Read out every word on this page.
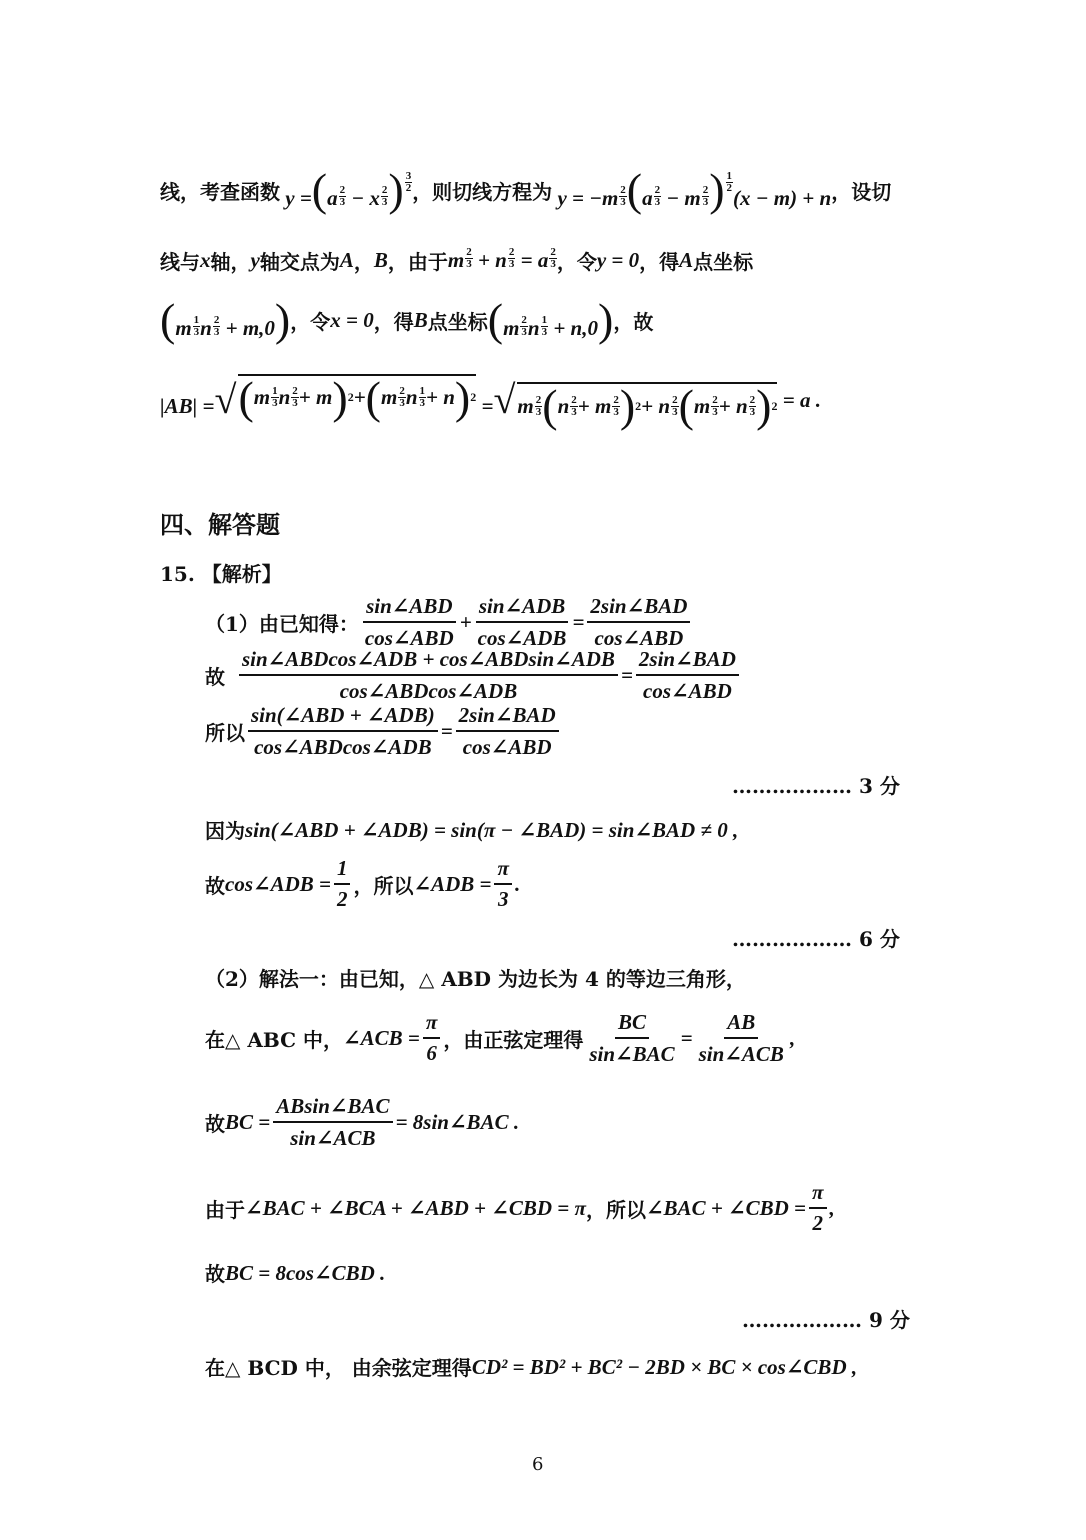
线，考查函数 $y =(a \frac{2}{3} - x \frac{2}{3}$ ) $\frac{3}{2}$ ，则切线方程为 $y = -m \frac{2}{3} (a \frac{2}{3} - m \frac{2}{3}$ ) $\frac{1}{2}$
(x − m) + n ，设切
线与 x 轴， y 轴交点为 A ， B ，由于 m $\frac{2}{3} + n \frac{2}{3} = a \frac{2}{3}$ ，令 y = 0 ，得 A 点坐标
($m \frac{1}{3}$ n $\frac{2}{3} + m,0$) ，令 x = 0 ，得 B 点坐标 ($m \frac{2}{3}$ n $\frac{1}{3} + n,0$) ，故
|AB| =√ ( m 1
3 n 2
3 + m ) 2 + ( m 2
3 n 1
3 + n ) 2 =√m 2
3 ( n 2
3 + m 2
3 ) 2 + n 2
3 ( m 2
3 + n 2
3 ) 2
= a .
四、解答题
15. 【解析】
（1）由已知得： $\frac{\text{sin∠ABD}}{\text{cos∠ABD}} + \frac{\text{sin∠ADB}}{\text{cos∠ADB}} = \frac{\text{2sin∠BAD}}{\text{cos∠ABD}}$
故 $\frac{\text{sin∠ABDcos∠ADB + cos∠ABDsin∠ADB}}{\text{cos∠ABDcos∠ADB}} = \frac{\text{2sin∠BAD}}{\text{cos∠ABD}}$
所以 $\frac{\text{sin(∠ABD + ∠ADB)}}{\text{cos∠ABDcos∠ADB}} = \frac{\text{2sin∠BAD}}{\text{cos∠ABD}}$
……………… 3 分
因为 sin(∠ABD + ∠ADB) = sin(π − ∠BAD) = sin∠BAD ≠ 0 ,
故 cos∠ADB = $\frac{1}{2}$ ，所以 ∠ADB = $\frac{\pi}{3}$ .
……………… 6 分
（2）解法一：由已知，△ ABD 为边长为 4 的等边三角形，
在△ ABC 中， ∠ACB = $\frac{\pi}{6}$ ，由正弦定理得 $\frac{BC}{\text{sin∠BAC}} = \frac{AB}{\text{sin∠ACB}}$ ,
故 BC = $\frac{\text{ABsin∠BAC}}{\text{sin∠ACB}}$ = 8sin∠BAC .
由于 ∠BAC + ∠BCA + ∠ABD + ∠CBD = π ，所以 ∠BAC + ∠CBD = $\frac{\pi}{2}$ ,
故 BC = 8cos∠CBD .
……………… 9 分
在△ BCD 中， 由余弦定理得 CD² = BD² + BC² − 2BD × BC × cos∠CBD ,
6
